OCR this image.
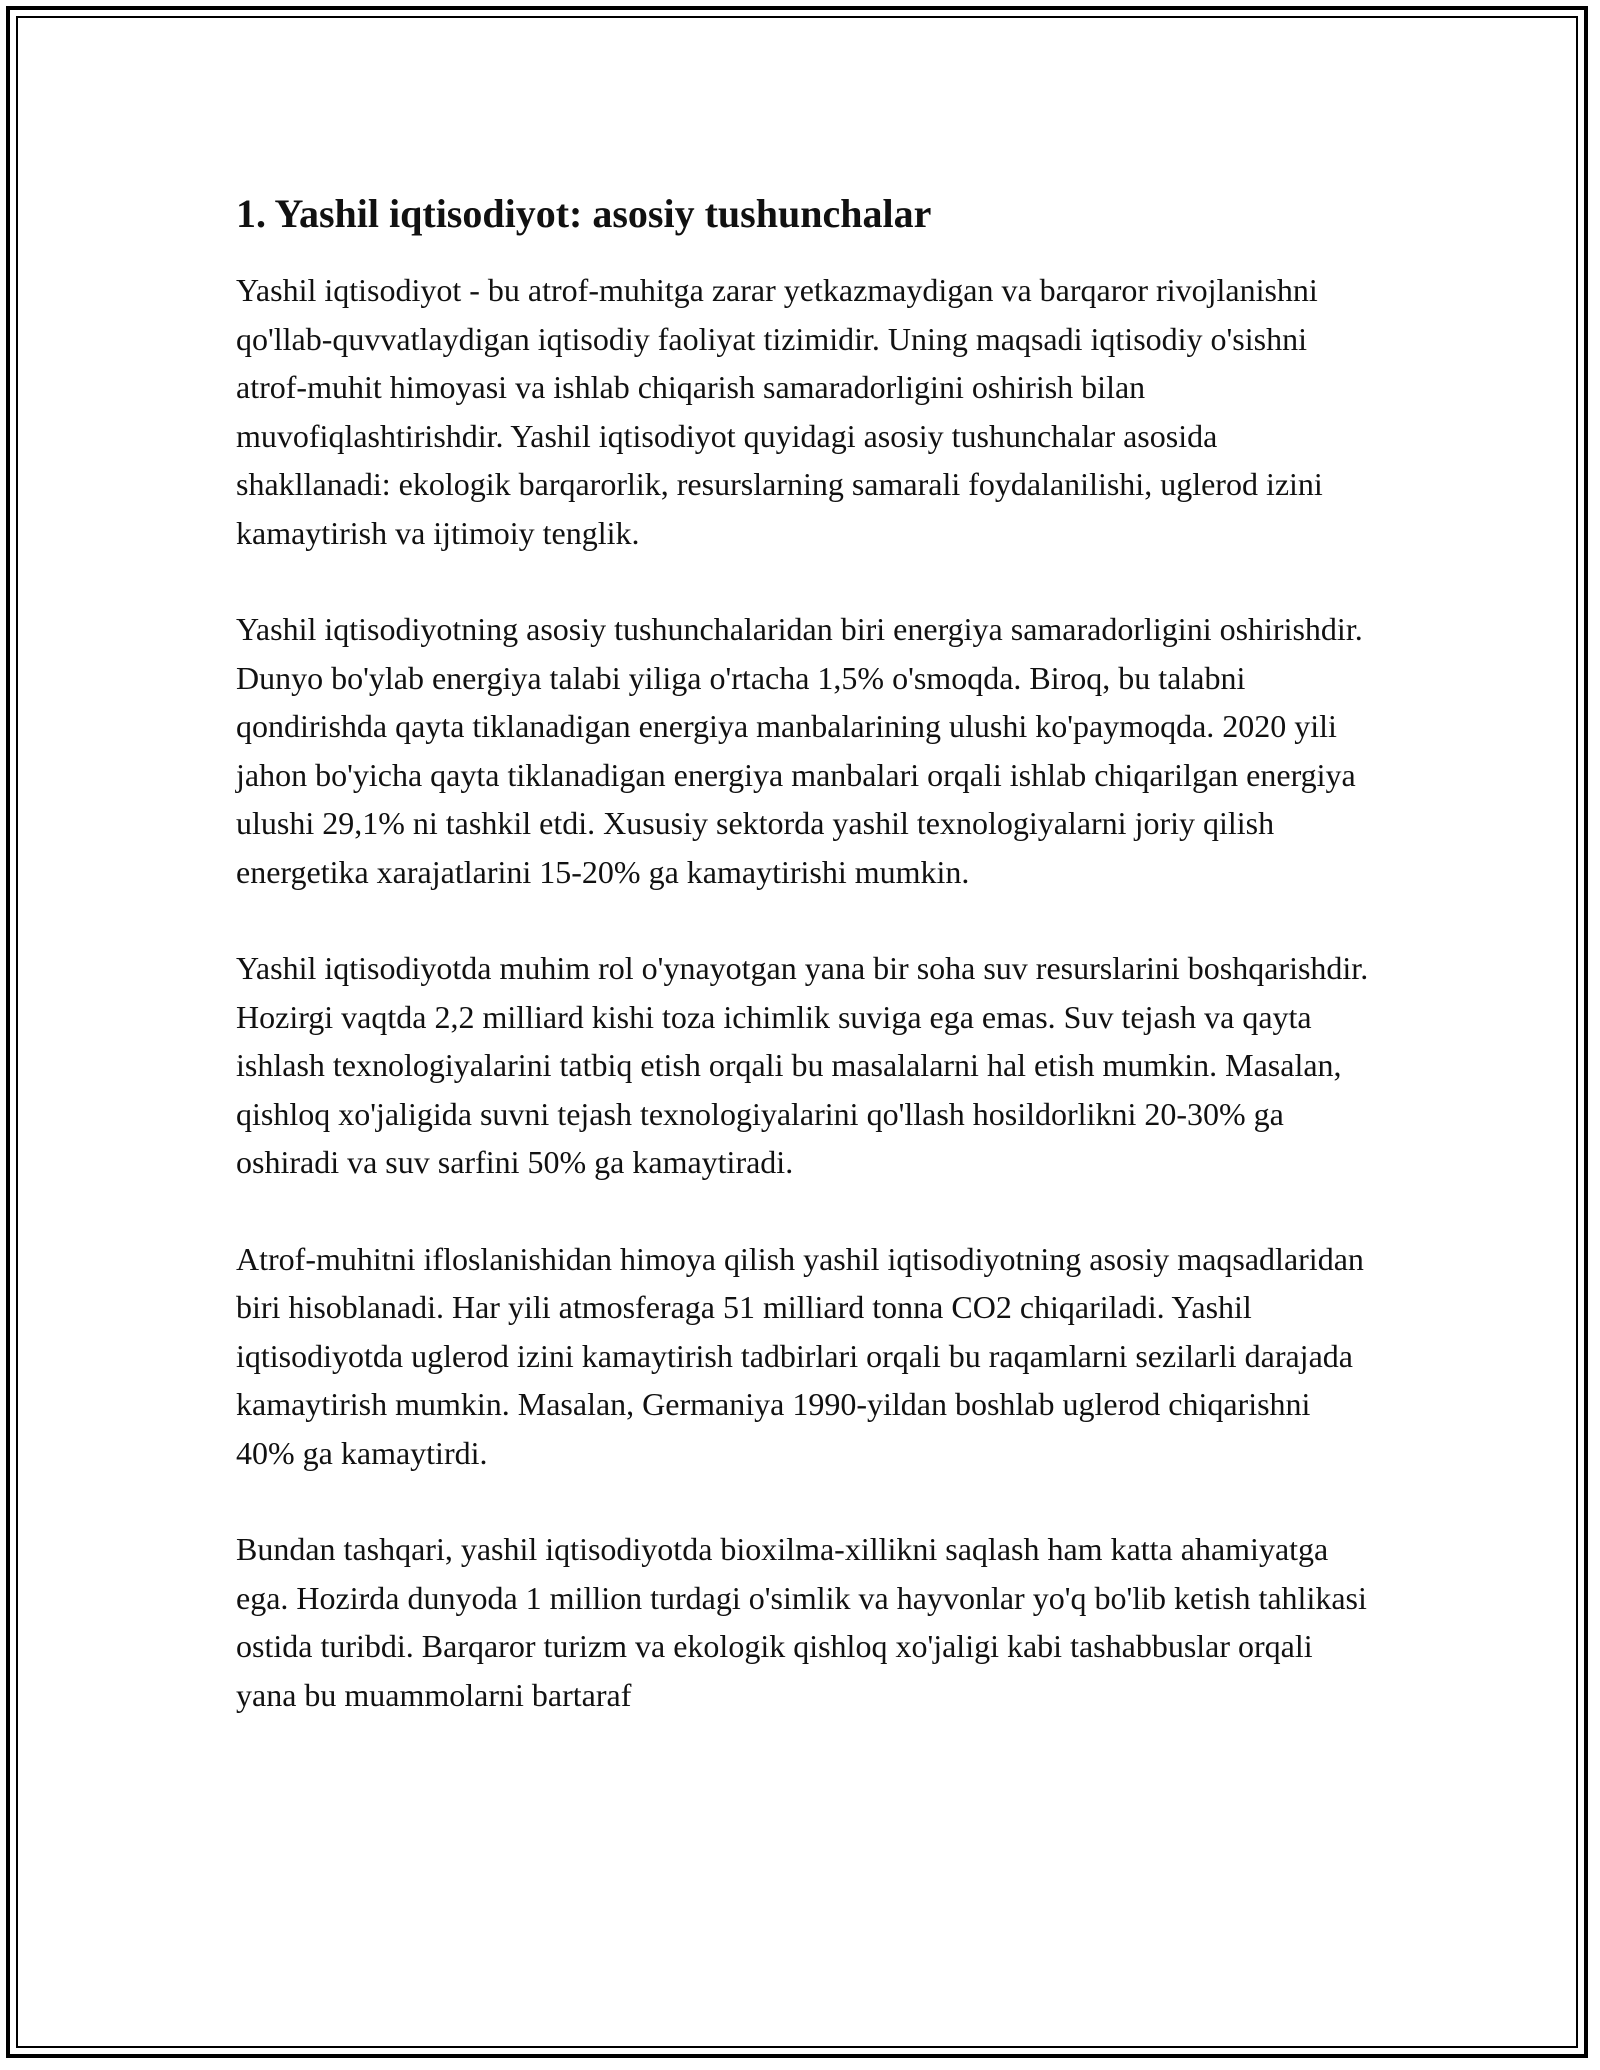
1. Yashil iqtisodiyot: asosiy tushunchalar

Yashil iqtisodiyot - bu atrof-muhitga zarar yetkazmaydigan va barqaror rivojlanishni qo'llab-quvvatlaydigan iqtisodiy faoliyat tizimidir. Uning maqsadi iqtisodiy o'sishni atrof-muhit himoyasi va ishlab chiqarish samaradorligini oshirish bilan muvofiqlashtirishdir. Yashil iqtisodiyot quyidagi asosiy tushunchalar asosida shakllanadi: ekologik barqarorlik, resurslarning samarali foydalanilishi, uglerod izini kamaytirish va ijtimoiy tenglik.

Yashil iqtisodiyotning asosiy tushunchalaridan biri energiya samaradorligini oshirishdir. Dunyo bo'ylab energiya talabi yiliga o'rtacha 1,5% o'smoqda. Biroq, bu talabni qondirishda qayta tiklanadigan energiya manbalarining ulushi ko'paymoqda. 2020 yili jahon bo'yicha qayta tiklanadigan energiya manbalari orqali ishlab chiqarilgan energiya ulushi 29,1% ni tashkil etdi. Xususiy sektorda yashil texnologiyalarni joriy qilish energetika xarajatlarini 15-20% ga kamaytirishi mumkin.

Yashil iqtisodiyotda muhim rol o'ynayotgan yana bir soha suv resurslarini boshqarishdir. Hozirgi vaqtda 2,2 milliard kishi toza ichimlik suviga ega emas. Suv tejash va qayta ishlash texnologiyalarini tatbiq etish orqali bu masalalarni hal etish mumkin. Masalan, qishloq xo'jaligida suvni tejash texnologiyalarini qo'llash hosildorlikni 20-30% ga oshiradi va suv sarfini 50% ga kamaytiradi.

Atrof-muhitni ifloslanishidan himoya qilish yashil iqtisodiyotning asosiy maqsadlaridan biri hisoblanadi. Har yili atmosferaga 51 milliard tonna CO2 chiqariladi. Yashil iqtisodiyotda uglerod izini kamaytirish tadbirlari orqali bu raqamlarni sezilarli darajada kamaytirish mumkin. Masalan, Germaniya 1990-yildan boshlab uglerod chiqarishni 40% ga kamaytirdi.

Bundan tashqari, yashil iqtisodiyotda bioxilma-xillikni saqlash ham katta ahamiyatga ega. Hozirda dunyoda 1 million turdagi o'simlik va hayvonlar yo'q bo'lib ketish tahlikasi ostida turibdi. Barqaror turizm va ekologik qishloq xo'jaligi kabi tashabbuslar orqali yana bu muammolarni bartaraf
